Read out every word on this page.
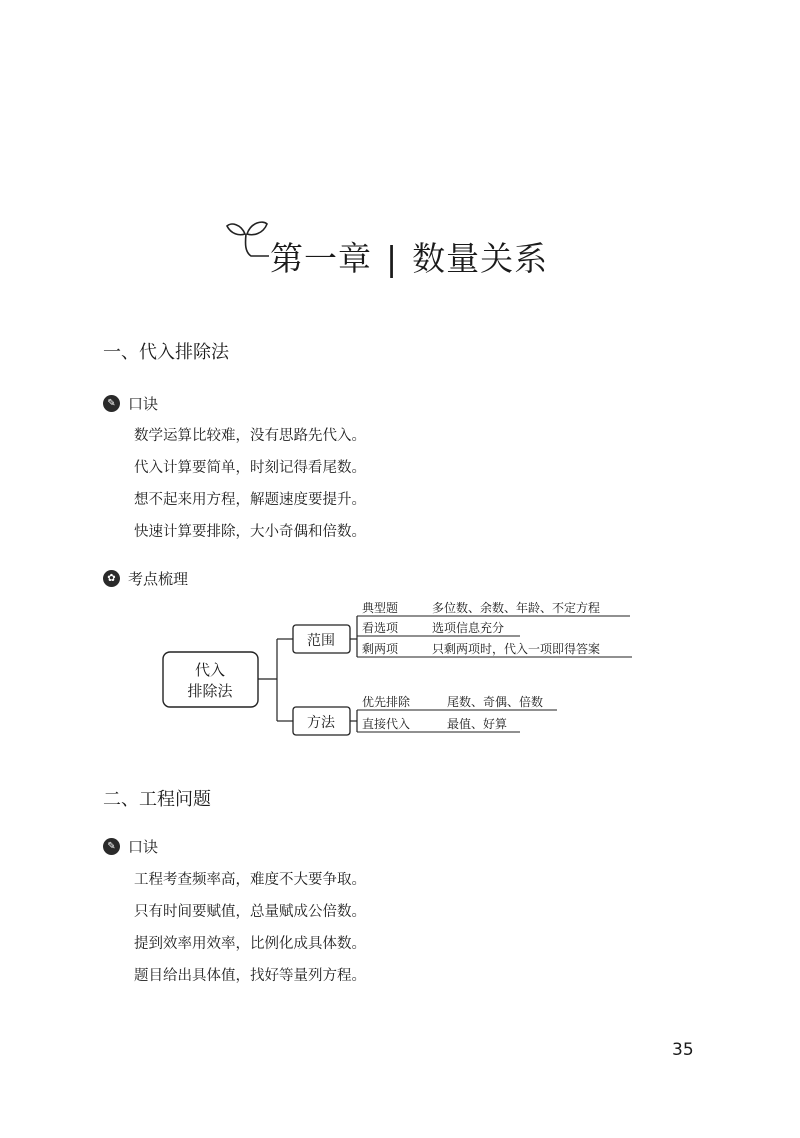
第一章 | 数量关系
一、代入排除法
✎ 口诀
数学运算比较难，没有思路先代入。
代入计算要简单，时刻记得看尾数。
想不起来用方程，解题速度要提升。
快速计算要排除，大小奇偶和倍数。
✿ 考点梳理
代入
排除法
范围
典型题	多位数、余数、年龄、不定方程
看选项	选项信息充分
剩两项	只剩两项时，代入一项即得答案
方法
优先排除	尾数、奇偶、倍数
直接代入	最值、好算
二、工程问题
✎ 口诀
工程考查频率高，难度不大要争取。
只有时间要赋值，总量赋成公倍数。
提到效率用效率，比例化成具体数。
题目给出具体值，找好等量列方程。
35
